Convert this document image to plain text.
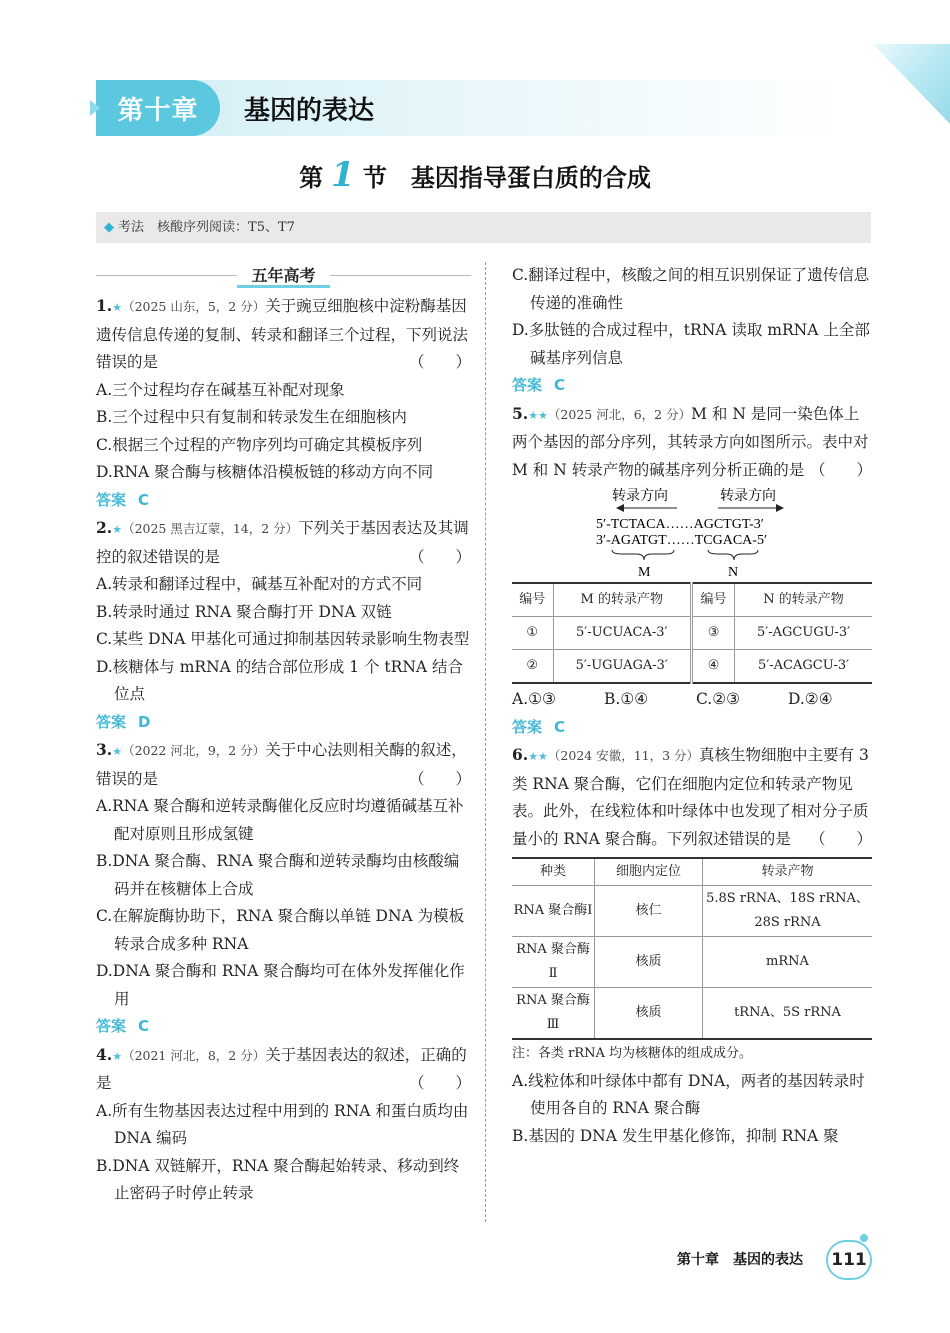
第十章 基因的表达
第 1 节　 基因指导蛋白质的合成
◆ 考法　 核酸序列阅读：T5、T7
五年高考
1.★（2025 山东，5，2 分）关于豌豆细胞核中淀粉酶基因遗传信息传递的复制、转录和翻译三个过程，下列说法错误的是	（　　）
A.三个过程均存在碱基互补配对现象
B.三个过程中只有复制和转录发生在细胞核内
C.根据三个过程的产物序列均可确定其模板序列
D.RNA 聚合酶与核糖体沿模板链的移动方向不同
答案 C
2.★（2025 黑吉辽蒙，14，2 分）下列关于基因表达及其调控的叙述错误的是	（　　）
A.转录和翻译过程中，碱基互补配对的方式不同
B.转录时通过 RNA 聚合酶打开 DNA 双链
C.某些 DNA 甲基化可通过抑制基因转录影响生物表型
D.核糖体与 mRNA 的结合部位形成 1 个 tRNA 结合位点
答案 D
3.★（2022 河北，9，2 分）关于中心法则相关酶的叙述，错误的是	（　　）
A.RNA 聚合酶和逆转录酶催化反应时均遵循碱基互补配对原则且形成氢键
B.DNA 聚合酶、RNA 聚合酶和逆转录酶均由核酸编码并在核糖体上合成
C.在解旋酶协助下，RNA 聚合酶以单链 DNA 为模板转录合成多种 RNA
D.DNA 聚合酶和 RNA 聚合酶均可在体外发挥催化作用
答案 C
4.★（2021 河北，8，2 分）关于基因表达的叙述，正确的是	（　　）
A.所有生物基因表达过程中用到的 RNA 和蛋白质均由 DNA 编码
B.DNA 双链解开，RNA 聚合酶起始转录、移动到终止密码子时停止转录
C.翻译过程中，核酸之间的相互识别保证了遗传信息传递的准确性
D.多肽链的合成过程中，tRNA 读取 mRNA 上全部碱基序列信息
答案 C
5.★★（2025 河北，6，2 分）M 和 N 是同一染色体上两个基因的部分序列，其转录方向如图所示。表中对 M 和 N 转录产物的碱基序列分析正确的是 （　　）
转录方向	转录方向
5′-TCTACA……AGCTGT-3′
3′-AGATGT……TCGACA-5′
M	N
编号	M 的转录产物	编号	N 的转录产物
①	5′-UCUACA-3′	③	5′-AGCUGU-3′
②	5′-UGUAGA-3′	④	5′-ACAGCU-3′
A.①③	B.①④	C.②③	D.②④
答案 C
6.★★（2024 安徽，11，3 分）真核生物细胞中主要有 3 类 RNA 聚合酶，它们在细胞内定位和转录产物见表。此外，在线粒体和叶绿体中也发现了相对分子质量小的 RNA 聚合酶。下列叙述错误的是 （　　）
种类	细胞内定位	转录产物
RNA 聚合酶Ⅰ	核仁	5.8S rRNA、18S rRNA、28S rRNA
RNA 聚合酶Ⅱ	核质	mRNA
RNA 聚合酶Ⅲ	核质	tRNA、5S rRNA
注：各类 rRNA 均为核糖体的组成成分。
A.线粒体和叶绿体中都有 DNA，两者的基因转录时使用各自的 RNA 聚合酶
B.基因的 DNA 发生甲基化修饰，抑制 RNA 聚
第十章　基因的表达	111
